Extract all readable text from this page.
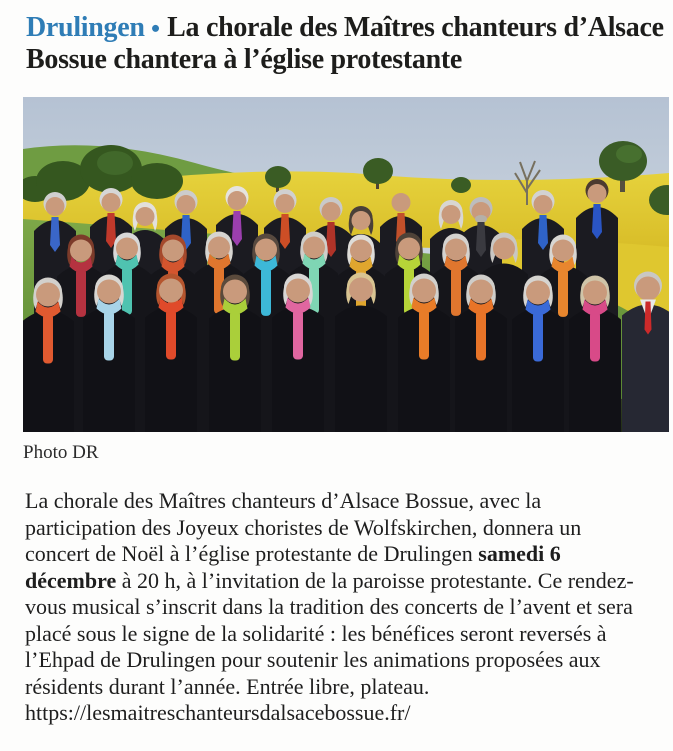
Drulingen ● La chorale des Maîtres chanteurs d’Alsace Bossue chantera à l’église protestante
Photo DR

La chorale des Maîtres chanteurs d’Alsace Bossue, avec la participation des Joyeux choristes de Wolfskirchen, donnera un concert de Noël à l’église protestante de Drulingen samedi 6 décembre à 20 h, à l’invitation de la paroisse protestante. Ce rendez-vous musical s’inscrit dans la tradition des concerts de l’avent et sera placé sous le signe de la solidarité : les bénéfices seront reversés à l’Ehpad de Drulingen pour soutenir les animations proposées aux résidents durant l’année. Entrée libre, plateau. https://lesmaitreschanteursdalsacebossue.fr/
